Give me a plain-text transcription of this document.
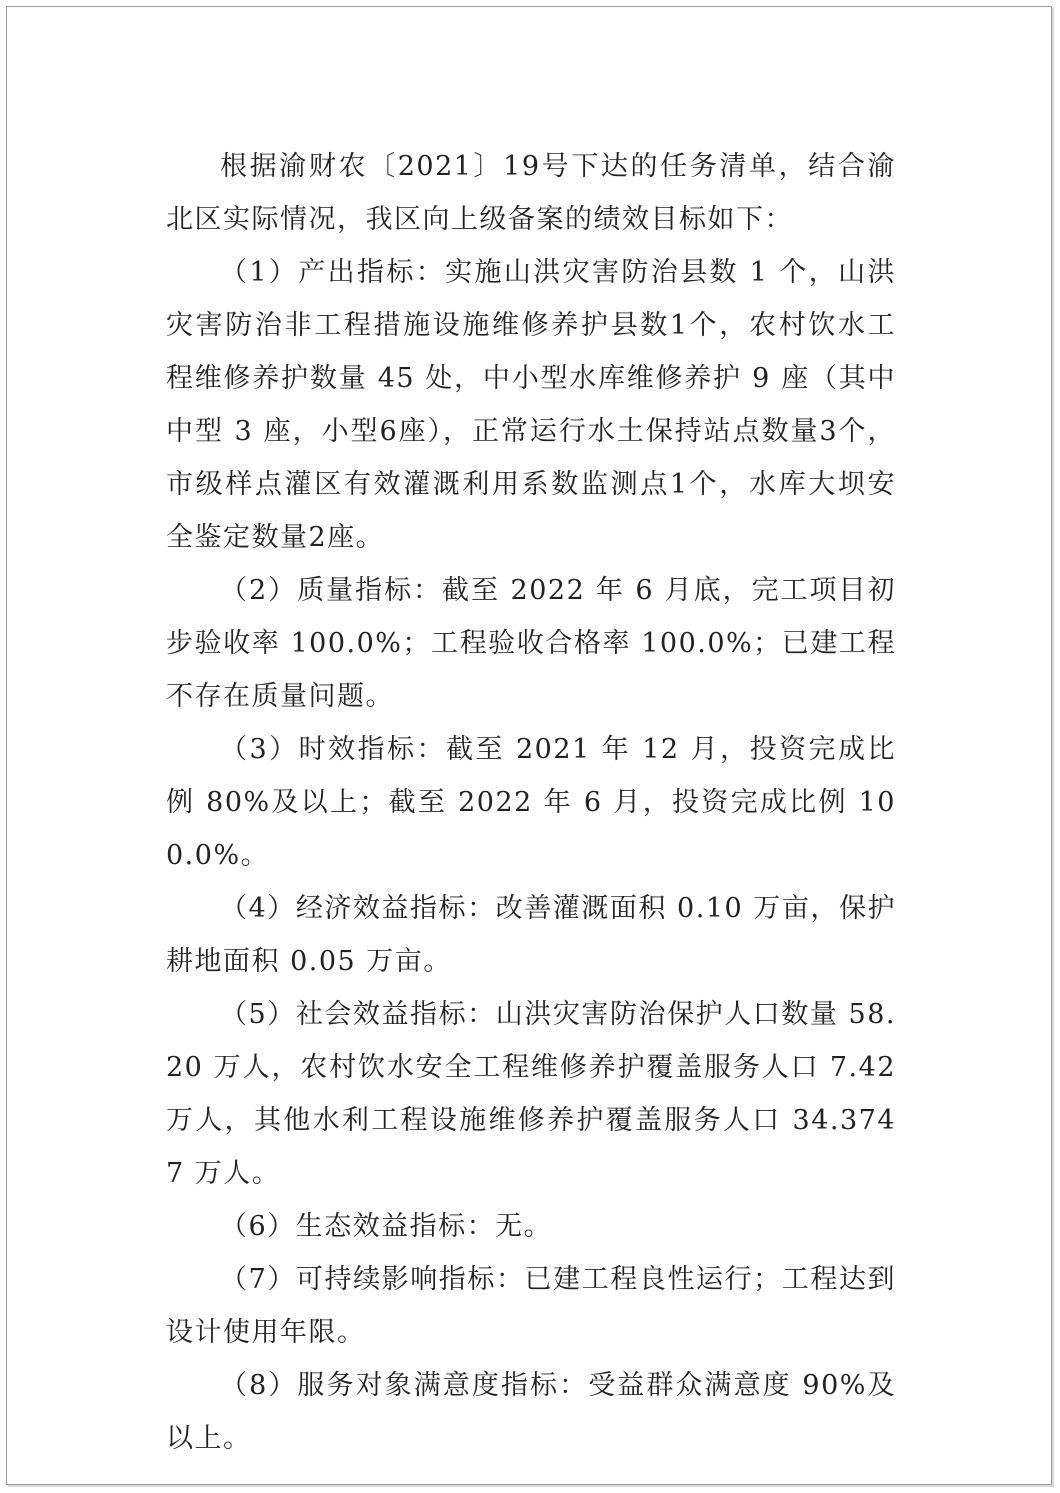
根据渝财农〔2021〕19号下达的任务清单，结合渝北区实际情况，我区向上级备案的绩效目标如下：

（1）产出指标：实施山洪灾害防治县数 1 个，山洪灾害防治非工程措施设施维修养护县数1个，农村饮水工程维修养护数量 45 处，中小型水库维修养护 9 座（其中中型 3 座，小型6座），正常运行水土保持站点数量3个，市级样点灌区有效灌溉利用系数监测点1个，水库大坝安全鉴定数量2座。

（2）质量指标：截至 2022 年 6 月底，完工项目初步验收率 100.0%；工程验收合格率 100.0%；已建工程不存在质量问题。

（3）时效指标：截至 2021 年 12 月，投资完成比例 80%及以上；截至 2022 年 6 月，投资完成比例 100.0%。

（4）经济效益指标：改善灌溉面积 0.10 万亩，保护耕地面积 0.05 万亩。

（5）社会效益指标：山洪灾害防治保护人口数量 58.20 万人，农村饮水安全工程维修养护覆盖服务人口 7.42 万人，其他水利工程设施维修养护覆盖服务人口 34.3747 万人。

（6）生态效益指标：无。

（7）可持续影响指标：已建工程良性运行；工程达到设计使用年限。

（8）服务对象满意度指标：受益群众满意度 90%及以上。
